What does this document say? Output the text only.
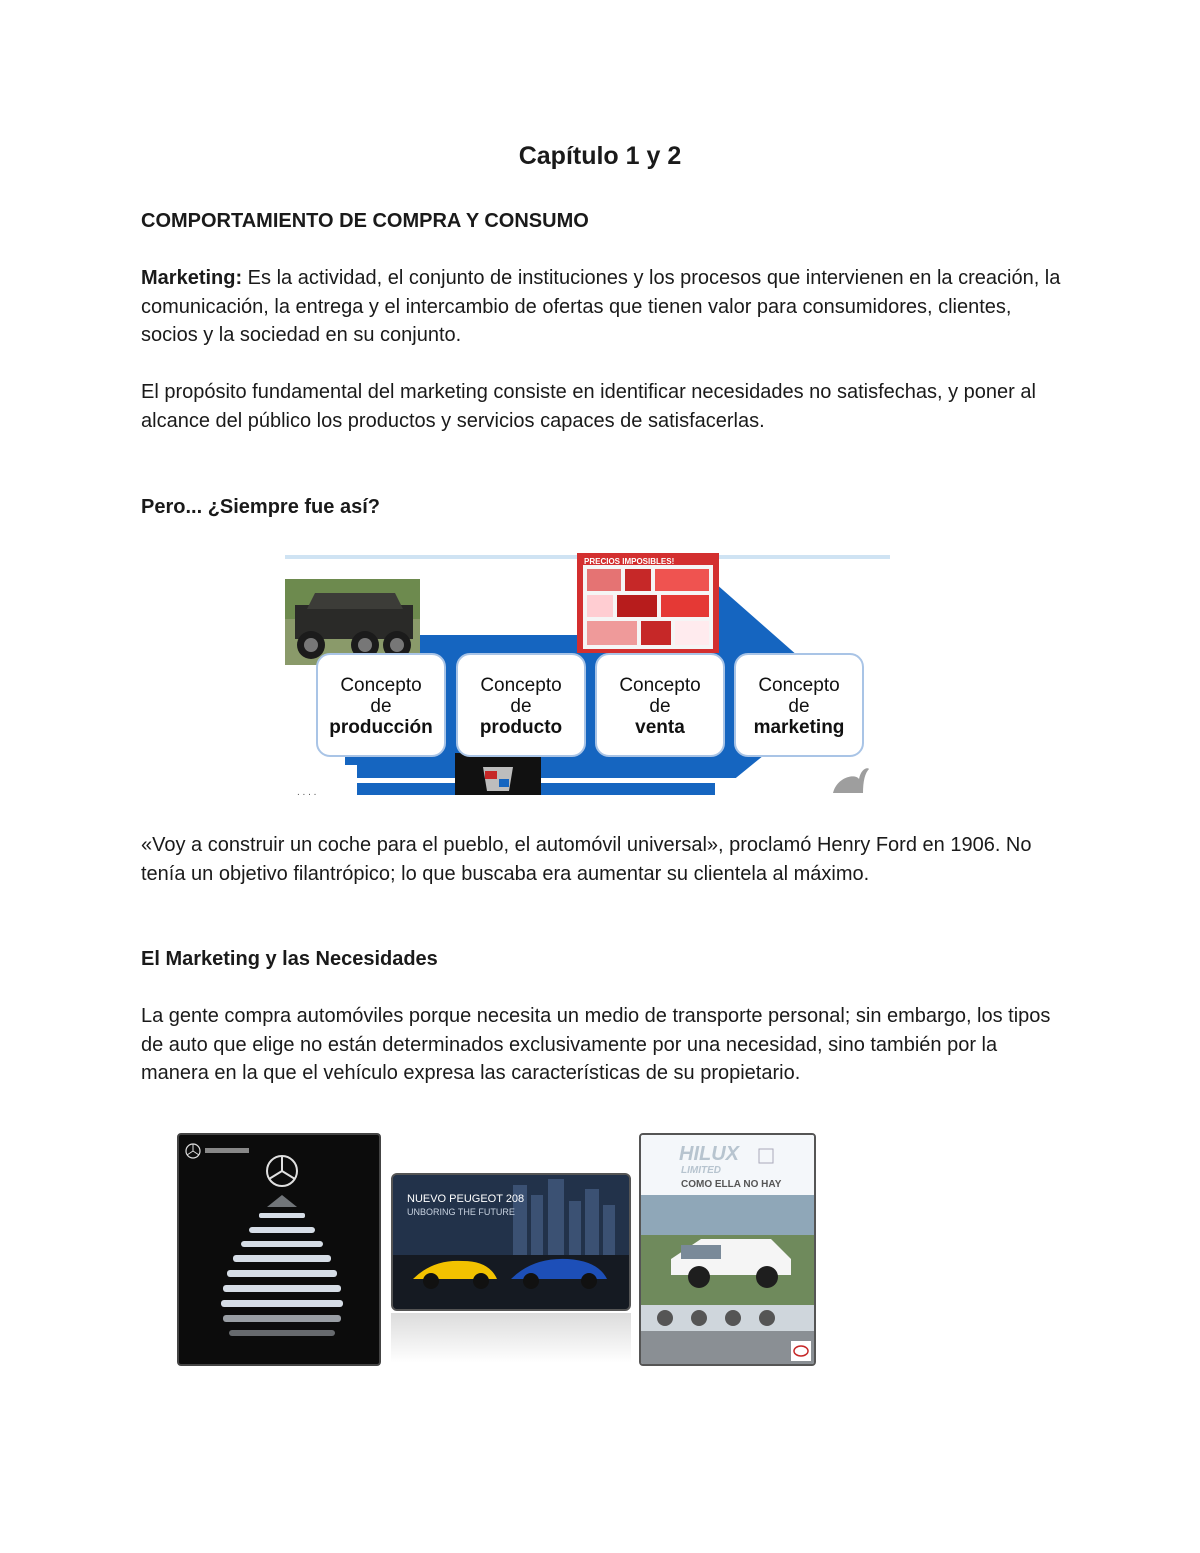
Capítulo 1 y 2
COMPORTAMIENTO DE COMPRA Y CONSUMO
Marketing: Es la actividad, el conjunto de instituciones y los procesos que intervienen en la creación, la comunicación, la entrega y el intercambio de ofertas que tienen valor para consumidores, clientes, socios y la sociedad en su conjunto.
El propósito fundamental del marketing consiste en identificar necesidades no satisfechas, y poner al alcance del público los productos y servicios capaces de satisfacerlas.
Pero... ¿Siempre fue así?
. . . .
PRECIOS IMPOSIBLES!
Concepto
de
producción
Concepto
de
producto
Concepto
de
venta
Concepto
de
marketing
«Voy a construir un coche para el pueblo, el automóvil universal», proclamó Henry Ford en 1906. No tenía un objetivo filantrópico; lo que buscaba era aumentar su clientela al máximo.
El Marketing y las Necesidades
La gente compra automóviles porque necesita un medio de transporte personal; sin embargo, los tipos de auto que elige no están determinados exclusivamente por una necesidad, sino también por la manera en la que el vehículo expresa las características de su propietario.
NUEVO PEUGEOT 208
UNBORING THE FUTURE
HILUX
LIMITED
COMO ELLA NO HAY
